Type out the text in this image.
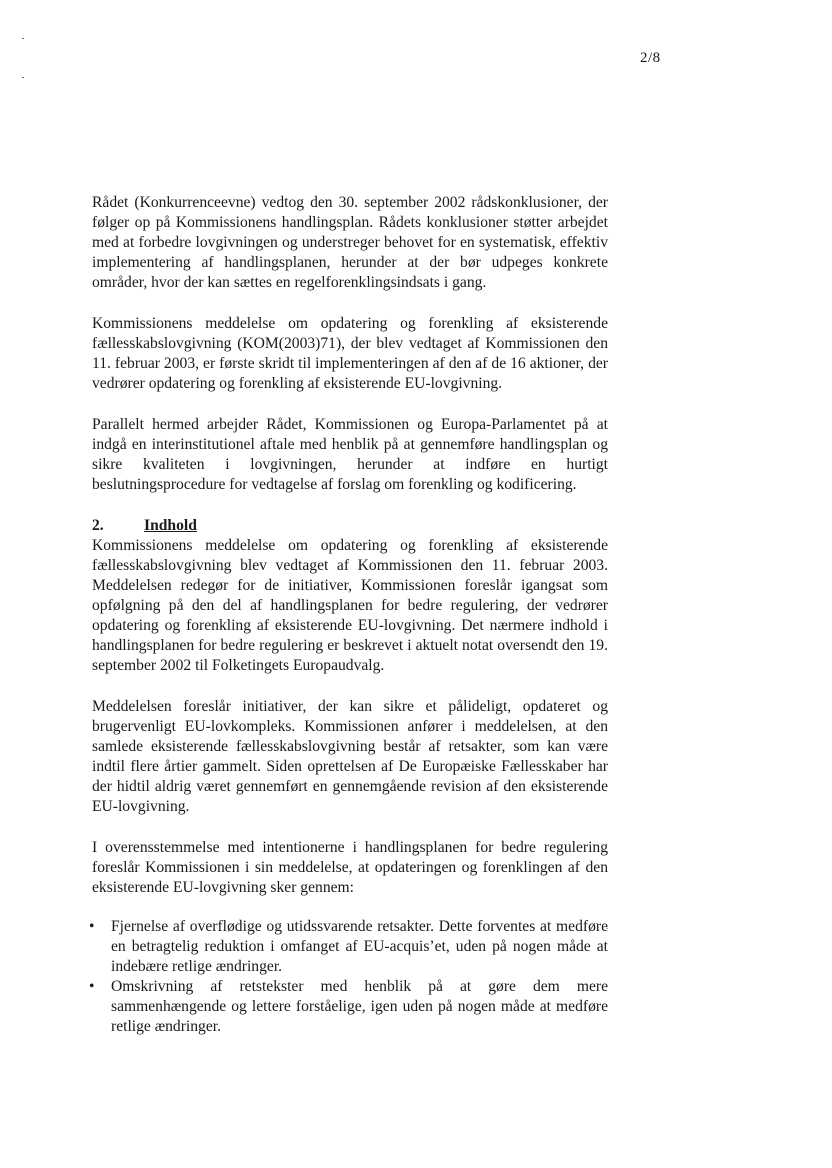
2/8

Rådet (Konkurrenceevne) vedtog den 30. september 2002 rådskonklusioner, der følger op på Kommissionens handlingsplan. Rådets konklusioner støtter arbejdet med at forbedre lovgivningen og understreger behovet for en systematisk, effektiv implementering af handlingsplanen, herunder at der bør udpeges konkrete områder, hvor der kan sættes en regelforenklingsindsats i gang.

Kommissionens meddelelse om opdatering og forenkling af eksisterende fællesskabslovgivning (KOM(2003)71), der blev vedtaget af Kommissionen den 11. februar 2003, er første skridt til implementeringen af den af de 16 aktioner, der vedrører opdatering og forenkling af eksisterende EU-lovgivning.

Parallelt hermed arbejder Rådet, Kommissionen og Europa-Parlamentet på at indgå en interinstitutionel aftale med henblik på at gennemføre handlingsplan og sikre kvaliteten i lovgivningen, herunder at indføre en hurtigt beslutningsprocedure for vedtagelse af forslag om forenkling og kodificering.

2.	Indhold

Kommissionens meddelelse om opdatering og forenkling af eksisterende fællesskabslovgivning blev vedtaget af Kommissionen den 11. februar 2003. Meddelelsen redegør for de initiativer, Kommissionen foreslår igangsat som opfølgning på den del af handlingsplanen for bedre regulering, der vedrører opdatering og forenkling af eksisterende EU-lovgivning. Det nærmere indhold i handlingsplanen for bedre regulering er beskrevet i aktuelt notat oversendt den 19. september 2002 til Folketingets Europaudvalg.

Meddelelsen foreslår initiativer, der kan sikre et pålideligt, opdateret og brugervenligt EU-lovkompleks. Kommissionen anfører i meddelelsen, at den samlede eksisterende fællesskabslovgivning består af retsakter, som kan være indtil flere årtier gammelt. Siden oprettelsen af De Europæiske Fællesskaber har der hidtil aldrig været gennemført en gennemgående revision af den eksisterende EU-lovgivning.

I overensstemmelse med intentionerne i handlingsplanen for bedre regulering foreslår Kommissionen i sin meddelelse, at opdateringen og forenklingen af den eksisterende EU-lovgivning sker gennem:

• Fjernelse af overflødige og utidssvarende retsakter. Dette forventes at medføre en betragtelig reduktion i omfanget af EU-acquis’et, uden på nogen måde at indebære retlige ændringer.
• Omskrivning af retstekster med henblik på at gøre dem mere sammenhængende og lettere forståelige, igen uden på nogen måde at medføre retlige ændringer.
